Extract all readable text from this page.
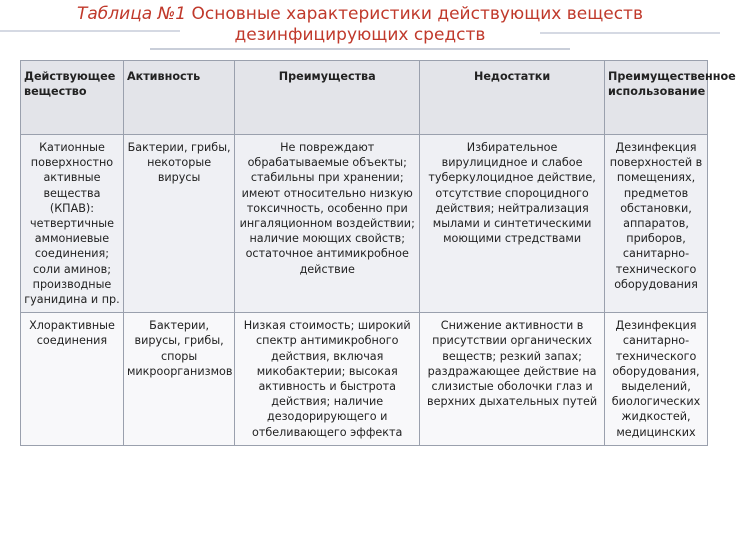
Таблица №1 Основные характеристики действующих веществ дезинфицирующих средств
Действующее вещество	Активность	Преимущества	Недостатки	Преимущественное использование
Катионные поверхностно активные вещества (КПАВ): четвертичные аммониевые соединения; соли аминов; производные гуанидина и пр.	Бактерии, грибы, некоторые вирусы	Не повреждают обрабатываемые объекты; стабильны при хранении; имеют относительно низкую токсичность, особенно при ингаляционном воздействии; наличие моющих свойств; остаточное антимикробное действие	Избирательное вирулицидное и слабое туберкулоцидное действие, отсутствие спороцидного действия; нейтрализация мылами и синтетическими моющими стредствами	Дезинфекция поверхностей в помещениях, предметов обстановки, аппаратов, приборов, санитарно-технического оборудования
Хлорактивные соединения	Бактерии, вирусы, грибы, споры микроорганизмов	Низкая стоимость; широкий спектр антимикробного действия, включая микобактерии; высокая активность и быстрота действия; наличие дезодорирующего и отбеливающего эффекта	Снижение активности в присутствии органических веществ; резкий запах; раздражающее действие на слизистые оболочки глаз и верхних дыхательных путей	Дезинфекция санитарно-технического оборудования, выделений, биологических жидкостей, медицинских
